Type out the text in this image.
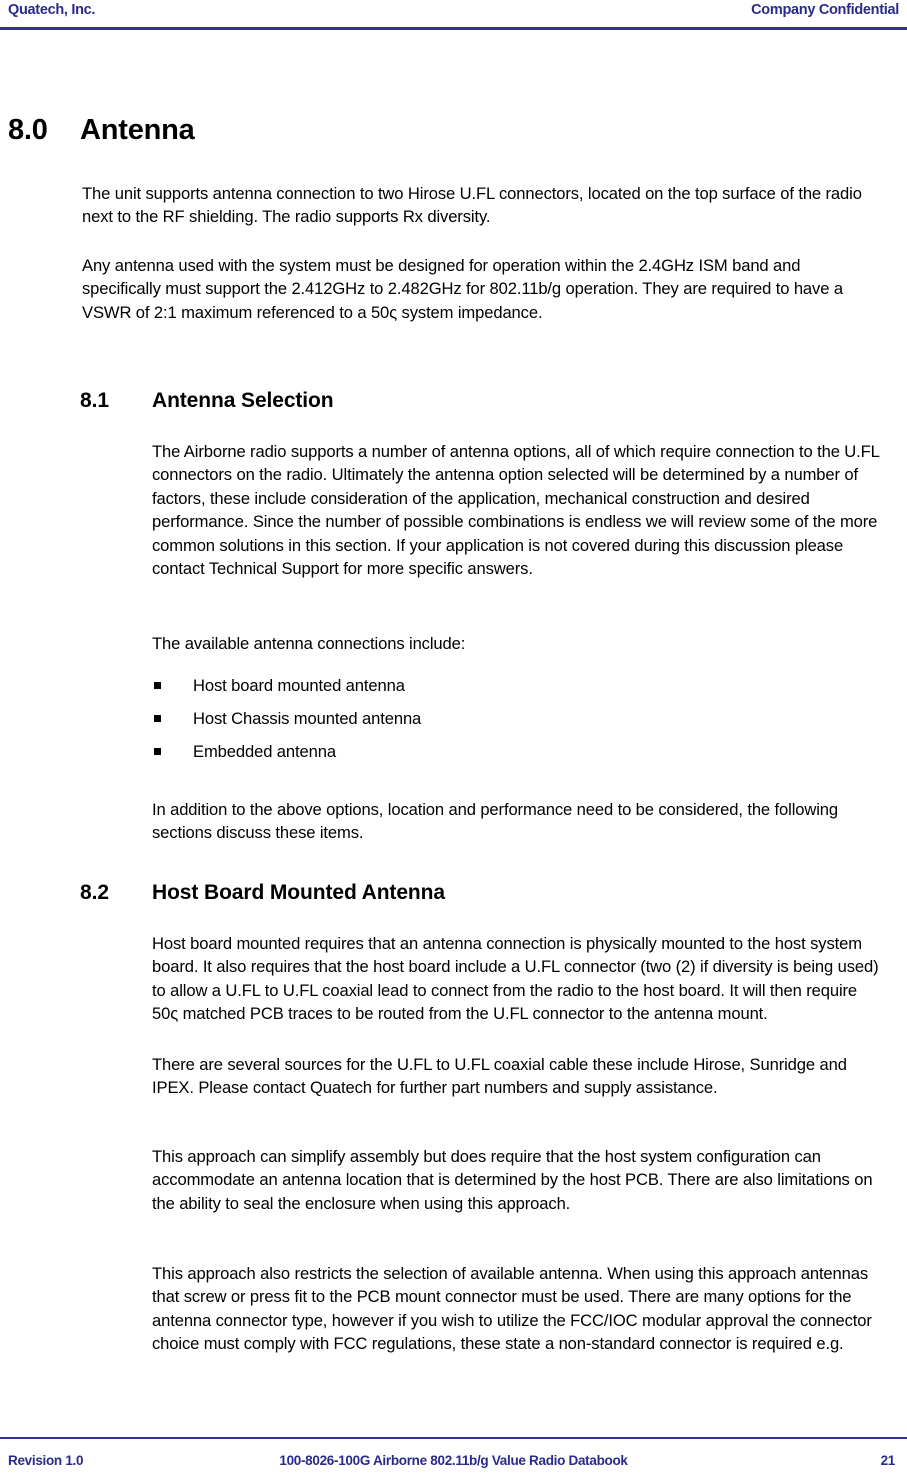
Quatech, Inc.	Company Confidential
8.0 Antenna

The unit supports antenna connection to two Hirose U.FL connectors, located on the top surface of the radio next to the RF shielding. The radio supports Rx diversity.

Any antenna used with the system must be designed for operation within the 2.4GHz ISM band and specifically must support the 2.412GHz to 2.482GHz for 802.11b/g operation. They are required to have a VSWR of 2:1 maximum referenced to a 50ς system impedance.

8.1 Antenna Selection

The Airborne radio supports a number of antenna options, all of which require connection to the U.FL connectors on the radio. Ultimately the antenna option selected will be determined by a number of factors, these include consideration of the application, mechanical construction and desired performance. Since the number of possible combinations is endless we will review some of the more common solutions in this section. If your application is not covered during this discussion please contact Technical Support for more specific answers.

The available antenna connections include:

Host board mounted antenna
Host Chassis mounted antenna
Embedded antenna

In addition to the above options, location and performance need to be considered, the following sections discuss these items.

8.2 Host Board Mounted Antenna

Host board mounted requires that an antenna connection is physically mounted to the host system board. It also requires that the host board include a U.FL connector (two (2) if diversity is being used) to allow a U.FL to U.FL coaxial lead to connect from the radio to the host board. It will then require 50ς matched PCB traces to be routed from the U.FL connector to the antenna mount.

There are several sources for the U.FL to U.FL coaxial cable these include Hirose, Sunridge and IPEX. Please contact Quatech for further part numbers and supply assistance.

This approach can simplify assembly but does require that the host system configuration can accommodate an antenna location that is determined by the host PCB. There are also limitations on the ability to seal the enclosure when using this approach.

This approach also restricts the selection of available antenna. When using this approach antennas that screw or press fit to the PCB mount connector must be used. There are many options for the antenna connector type, however if you wish to utilize the FCC/IOC modular approval the connector choice must comply with FCC regulations, these state a non-standard connector is required e.g.

Revision 1.0	100-8026-100G Airborne 802.11b/g Value Radio Databook	21
